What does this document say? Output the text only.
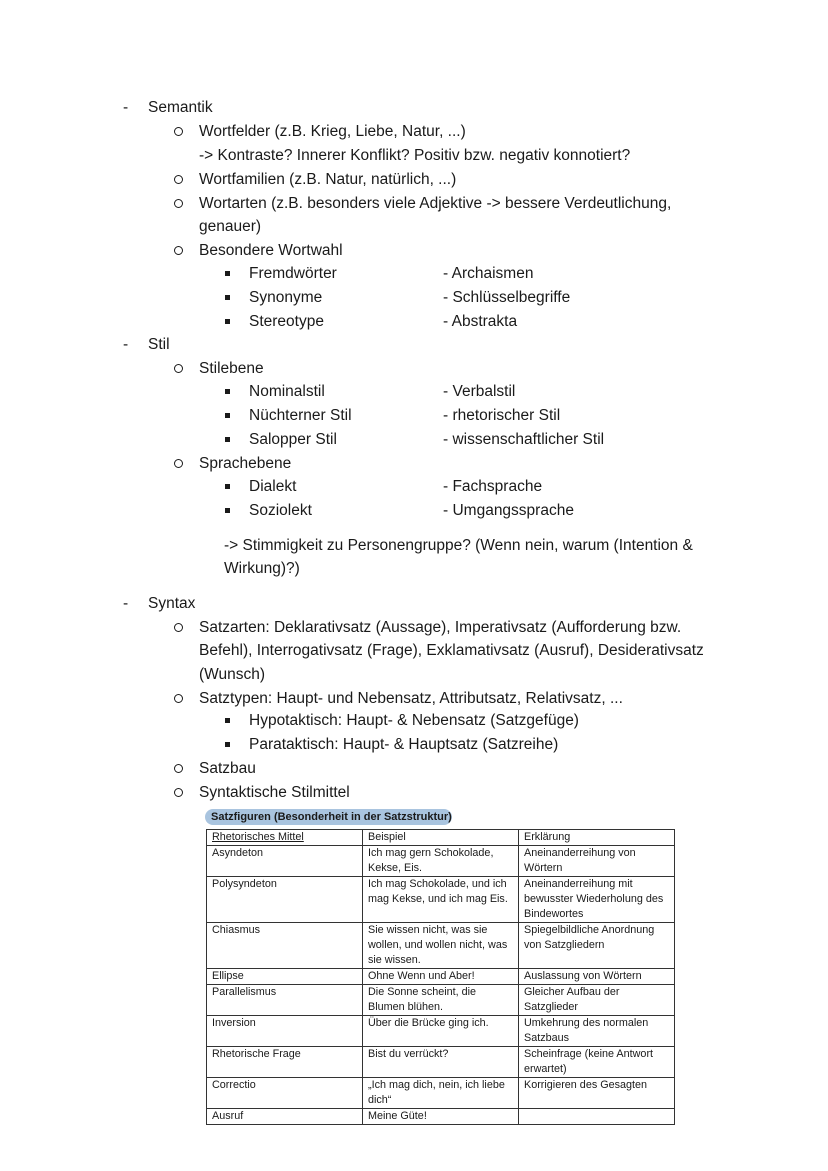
- Semantik
Wortfelder (z.B. Krieg, Liebe, Natur, ...)
-> Kontraste? Innerer Konflikt? Positiv bzw. negativ konnotiert?
Wortfamilien (z.B. Natur, natürlich, ...)
Wortarten (z.B. besonders viele Adjektive -> bessere Verdeutlichung,
genauer)
Besondere Wortwahl
Fremdwörter	- Archaismen
Synonyme	- Schlüsselbegriffe
Stereotype	- Abstrakta
- Stil
Stilebene
Nominalstil	- Verbalstil
Nüchterner Stil	- rhetorischer Stil
Salopper Stil	- wissenschaftlicher Stil
Sprachebene
Dialekt	- Fachsprache
Soziolekt	- Umgangssprache
-> Stimmigkeit zu Personengruppe? (Wenn nein, warum (Intention &
Wirkung)?)
- Syntax
Satzarten: Deklarativsatz (Aussage), Imperativsatz (Aufforderung bzw.
Befehl), Interrogativsatz (Frage), Exklamativsatz (Ausruf), Desiderativsatz
(Wunsch)
Satztypen: Haupt- und Nebensatz, Attributsatz, Relativsatz, ...
Hypotaktisch: Haupt- & Nebensatz (Satzgefüge)
Parataktisch: Haupt- & Hauptsatz (Satzreihe)
Satzbau
Syntaktische Stilmittel
Satzfiguren (Besonderheit in der Satzstruktur)
Rhetorisches Mittel	Beispiel	Erklärung
Asyndeton	Ich mag gern Schokolade, Kekse, Eis.	Aneinanderreihung von Wörtern
Polysyndeton	Ich mag Schokolade, und ich mag Kekse, und ich mag Eis.	Aneinanderreihung mit bewusster Wiederholung des Bindewortes
Chiasmus	Sie wissen nicht, was sie wollen, und wollen nicht, was sie wissen.	Spiegelbildliche Anordnung von Satzgliedern
Ellipse	Ohne Wenn und Aber!	Auslassung von Wörtern
Parallelismus	Die Sonne scheint, die Blumen blühen.	Gleicher Aufbau der Satzglieder
Inversion	Über die Brücke ging ich.	Umkehrung des normalen Satzbaus
Rhetorische Frage	Bist du verrückt?	Scheinfrage (keine Antwort erwartet)
Correctio	„Ich mag dich, nein, ich liebe dich“	Korrigieren des Gesagten
Ausruf	Meine Güte!	
